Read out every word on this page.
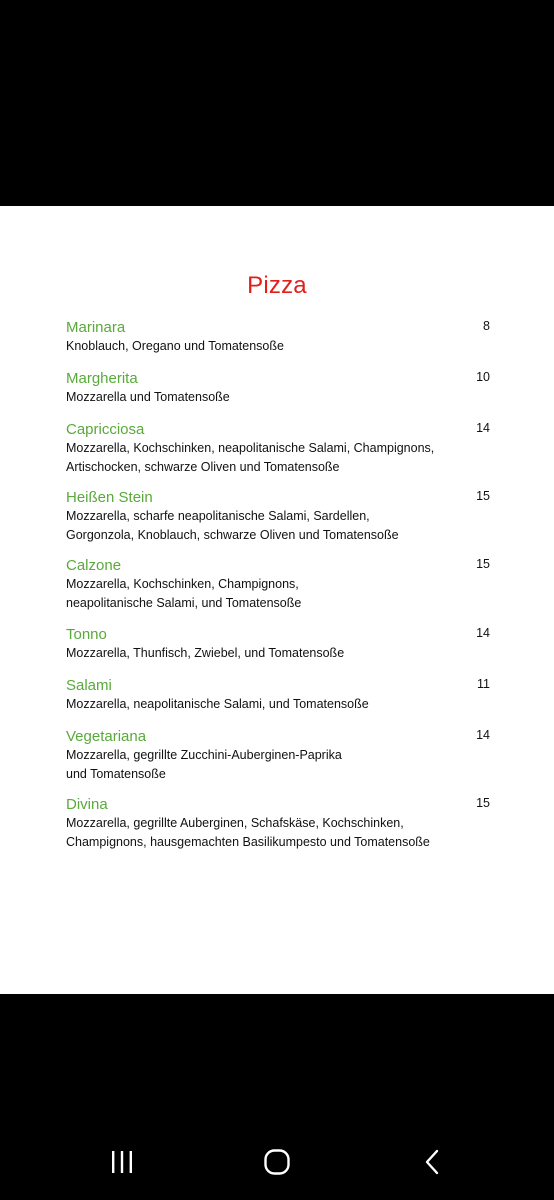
Pizza
Marinara	8
Knoblauch, Oregano und Tomatensoße
Margherita	10
Mozzarella und Tomatensoße
Capricciosa	14
Mozzarella, Kochschinken, neapolitanische Salami, Champignons,
Artischocken, schwarze Oliven und Tomatensoße
Heißen Stein	15
Mozzarella, scharfe neapolitanische Salami, Sardellen,
Gorgonzola, Knoblauch, schwarze Oliven und Tomatensoße
Calzone	15
Mozzarella, Kochschinken, Champignons,
neapolitanische Salami, und Tomatensoße
Tonno	14
Mozzarella, Thunfisch, Zwiebel, und Tomatensoße
Salami	11
Mozzarella, neapolitanische Salami, und Tomatensoße
Vegetariana	14
Mozzarella, gegrillte Zucchini-Auberginen-Paprika
und Tomatensoße
Divina	15
Mozzarella, gegrillte Auberginen, Schafskäse, Kochschinken,
Champignons, hausgemachten Basilikumpesto und Tomatensoße
